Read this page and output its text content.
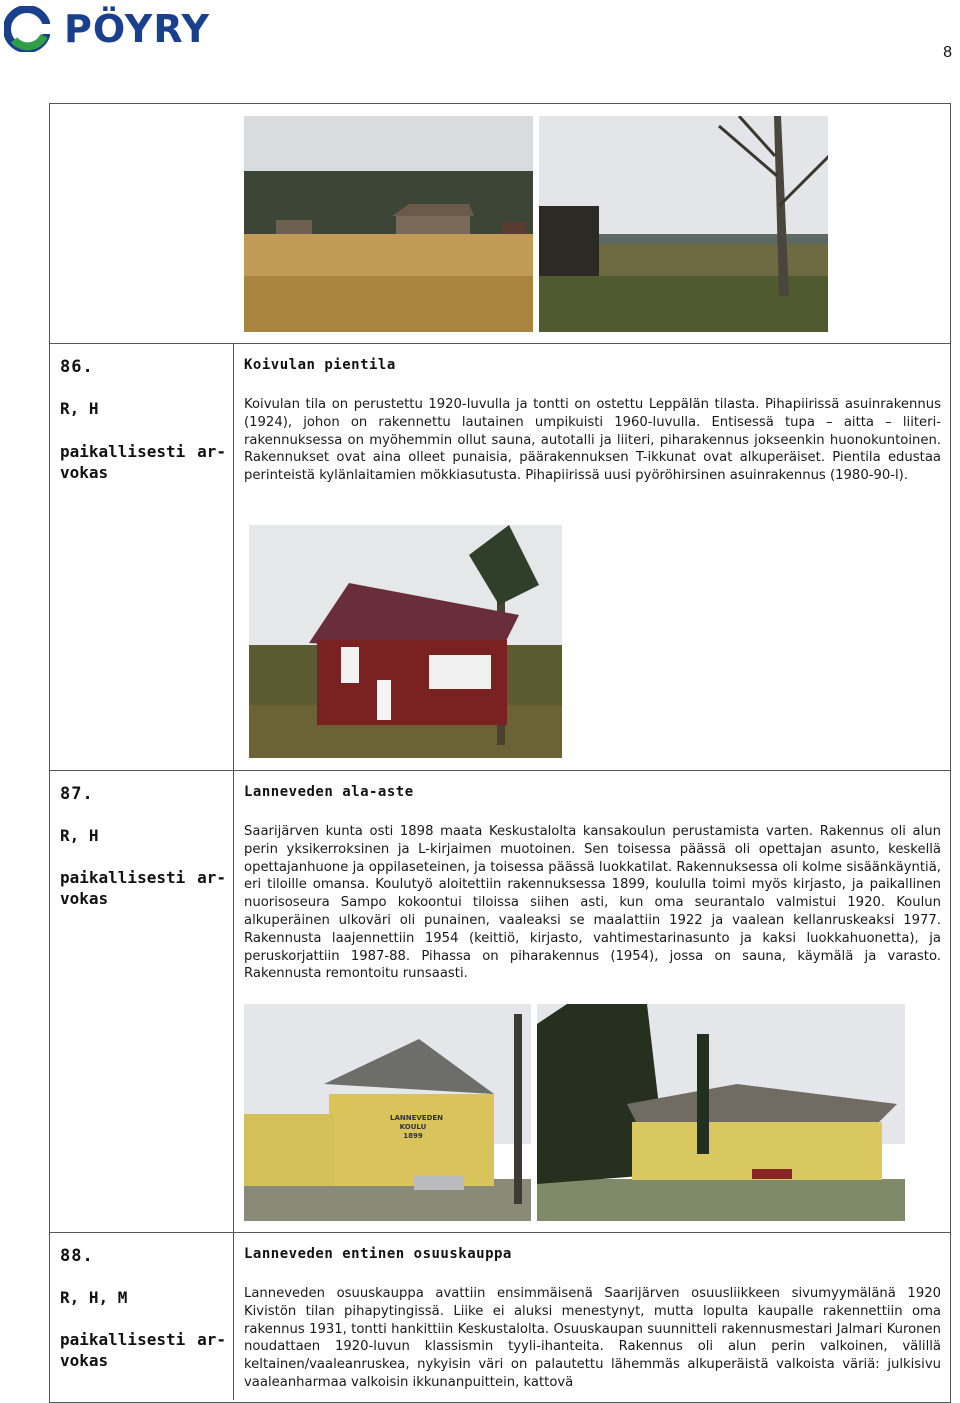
PÖYRY
8
86.
R, H
paikallisesti ar-
vokas
Koivulan pientila
Koivulan tila on perustettu 1920-luvulla ja tontti on ostettu Leppälän tilasta. Pihapiirissä asuinrakennus (1924), johon on rakennettu lautainen umpikuisti 1960-luvulla. Entisessä tupa – aitta – liiteri-rakennuksessa on myöhemmin ollut sauna, autotalli ja liiteri, piharakennus jokseenkin huonokuntoinen. Rakennukset ovat aina olleet punaisia, päärakennuksen T-ikkunat ovat alkuperäiset. Pientila edustaa perinteistä kylänlaitamien mökkiasutusta. Pihapiirissä uusi pyöröhirsinen asuinrakennus (1980-90-l).
87.
R, H
paikallisesti ar-
vokas
Lanneveden ala-aste
Saarijärven kunta osti 1898 maata Keskustalolta kansakoulun perustamista varten. Rakennus oli alun perin yksikerroksinen ja L-kirjaimen muotoinen. Sen toisessa päässä oli opettajan asunto, keskellä opettajanhuone ja oppilaseteinen, ja toisessa päässä luokkatilat. Rakennuksessa oli kolme sisäänkäyntiä, eri tiloille omansa. Koulutyö aloitettiin rakennuksessa 1899, koululla toimi myös kirjasto, ja paikallinen nuorisoseura Sampo kokoontui tiloissa siihen asti, kun oma seurantalo valmistui 1920. Koulun alkuperäinen ulkoväri oli punainen, vaaleaksi se maalattiin 1922 ja vaalean kellanruskeaksi 1977. Rakennusta laajennettiin 1954 (keittiö, kirjasto, vahtimestarinasunto ja kaksi luokkahuonetta), ja peruskorjattiin 1987-88. Pihassa on piharakennus (1954), jossa on sauna, käymälä ja varasto. Rakennusta remontoitu runsaasti.
LANNEVEDEN
KOULU
1899
88.
R, H, M
paikallisesti ar-
vokas
Lanneveden entinen osuuskauppa
Lanneveden osuuskauppa avattiin ensimmäisenä Saarijärven osuusliikkeen sivumyymälänä 1920 Kivistön tilan pihapytingissä. Liike ei aluksi menestynyt, mutta lopulta kaupalle rakennettiin oma rakennus 1931, tontti hankittiin Keskustalolta. Osuuskaupan suunnitteli rakennusmestari Jalmari Kuronen noudattaen 1920-luvun klassismin tyyli-ihanteita. Rakennus oli alun perin valkoinen, välillä keltainen/vaaleanruskea, nykyisin väri on palautettu lähemmäs alkuperäistä valkoista väriä: julkisivu vaaleanharmaa valkoisin ikkunanpuittein, kattovä
